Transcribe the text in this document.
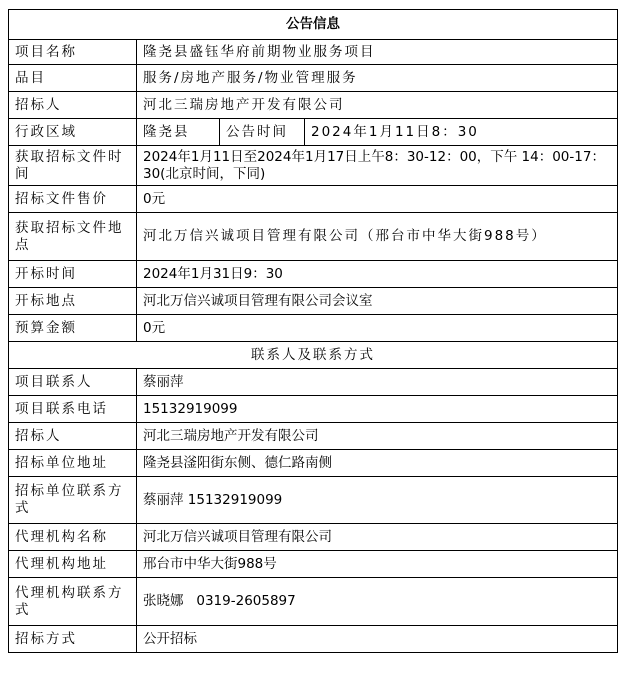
公告信息			
项目名称	隆尧县盛钰华府前期物业服务项目		
品目	服务/房地产服务/物业管理服务		
招标人	河北三瑞房地产开发有限公司		
行政区域	隆尧县	公告时间	2024年1月11日8：30
获取招标文件时间	2024年1月11日至2024年1月17日上午8：30-12：00，下午 14：00-17：30(北京时间，下同)		
招标文件售价	0元		
获取招标文件地点	河北万信兴诚项目管理有限公司（邢台市中华大街988号）		
开标时间	2024年1月31日9：30		
开标地点	河北万信兴诚项目管理有限公司会议室		
预算金额	0元		
联系人及联系方式			
项目联系人	蔡丽萍		
项目联系电话	15132919099		
招标人	河北三瑞房地产开发有限公司		
招标单位地址	隆尧县滏阳街东侧、德仁路南侧		
招标单位联系方式	蔡丽萍 15132919099		
代理机构名称	河北万信兴诚项目管理有限公司		
代理机构地址	邢台市中华大街988号		
代理机构联系方式	张晓娜   0319-2605897		
招标方式	公开招标		
